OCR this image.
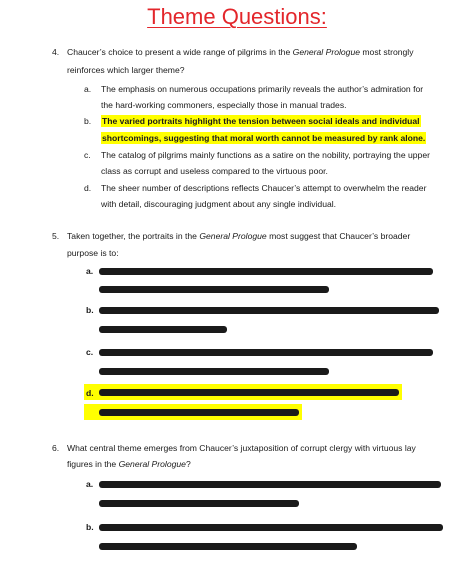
Theme Questions:
4. Chaucer’s choice to present a wide range of pilgrims in the General Prologue most strongly
reinforces which larger theme?
a. The emphasis on numerous occupations primarily reveals the author’s admiration for
the hard-working commoners, especially those in manual trades.
b. The varied portraits highlight the tension between social ideals and individual
shortcomings, suggesting that moral worth cannot be measured by rank alone.
c. The catalog of pilgrims mainly functions as a satire on the nobility, portraying the upper
class as corrupt and useless compared to the virtuous poor.
d. The sheer number of descriptions reflects Chaucer’s attempt to overwhelm the reader
with detail, discouraging judgment about any single individual.
5. Taken together, the portraits in the General Prologue most suggest that Chaucer’s broader
purpose is to:
a.
b.
c.
d.
6. What central theme emerges from Chaucer’s juxtaposition of corrupt clergy with virtuous lay
figures in the General Prologue?
a.
b.
